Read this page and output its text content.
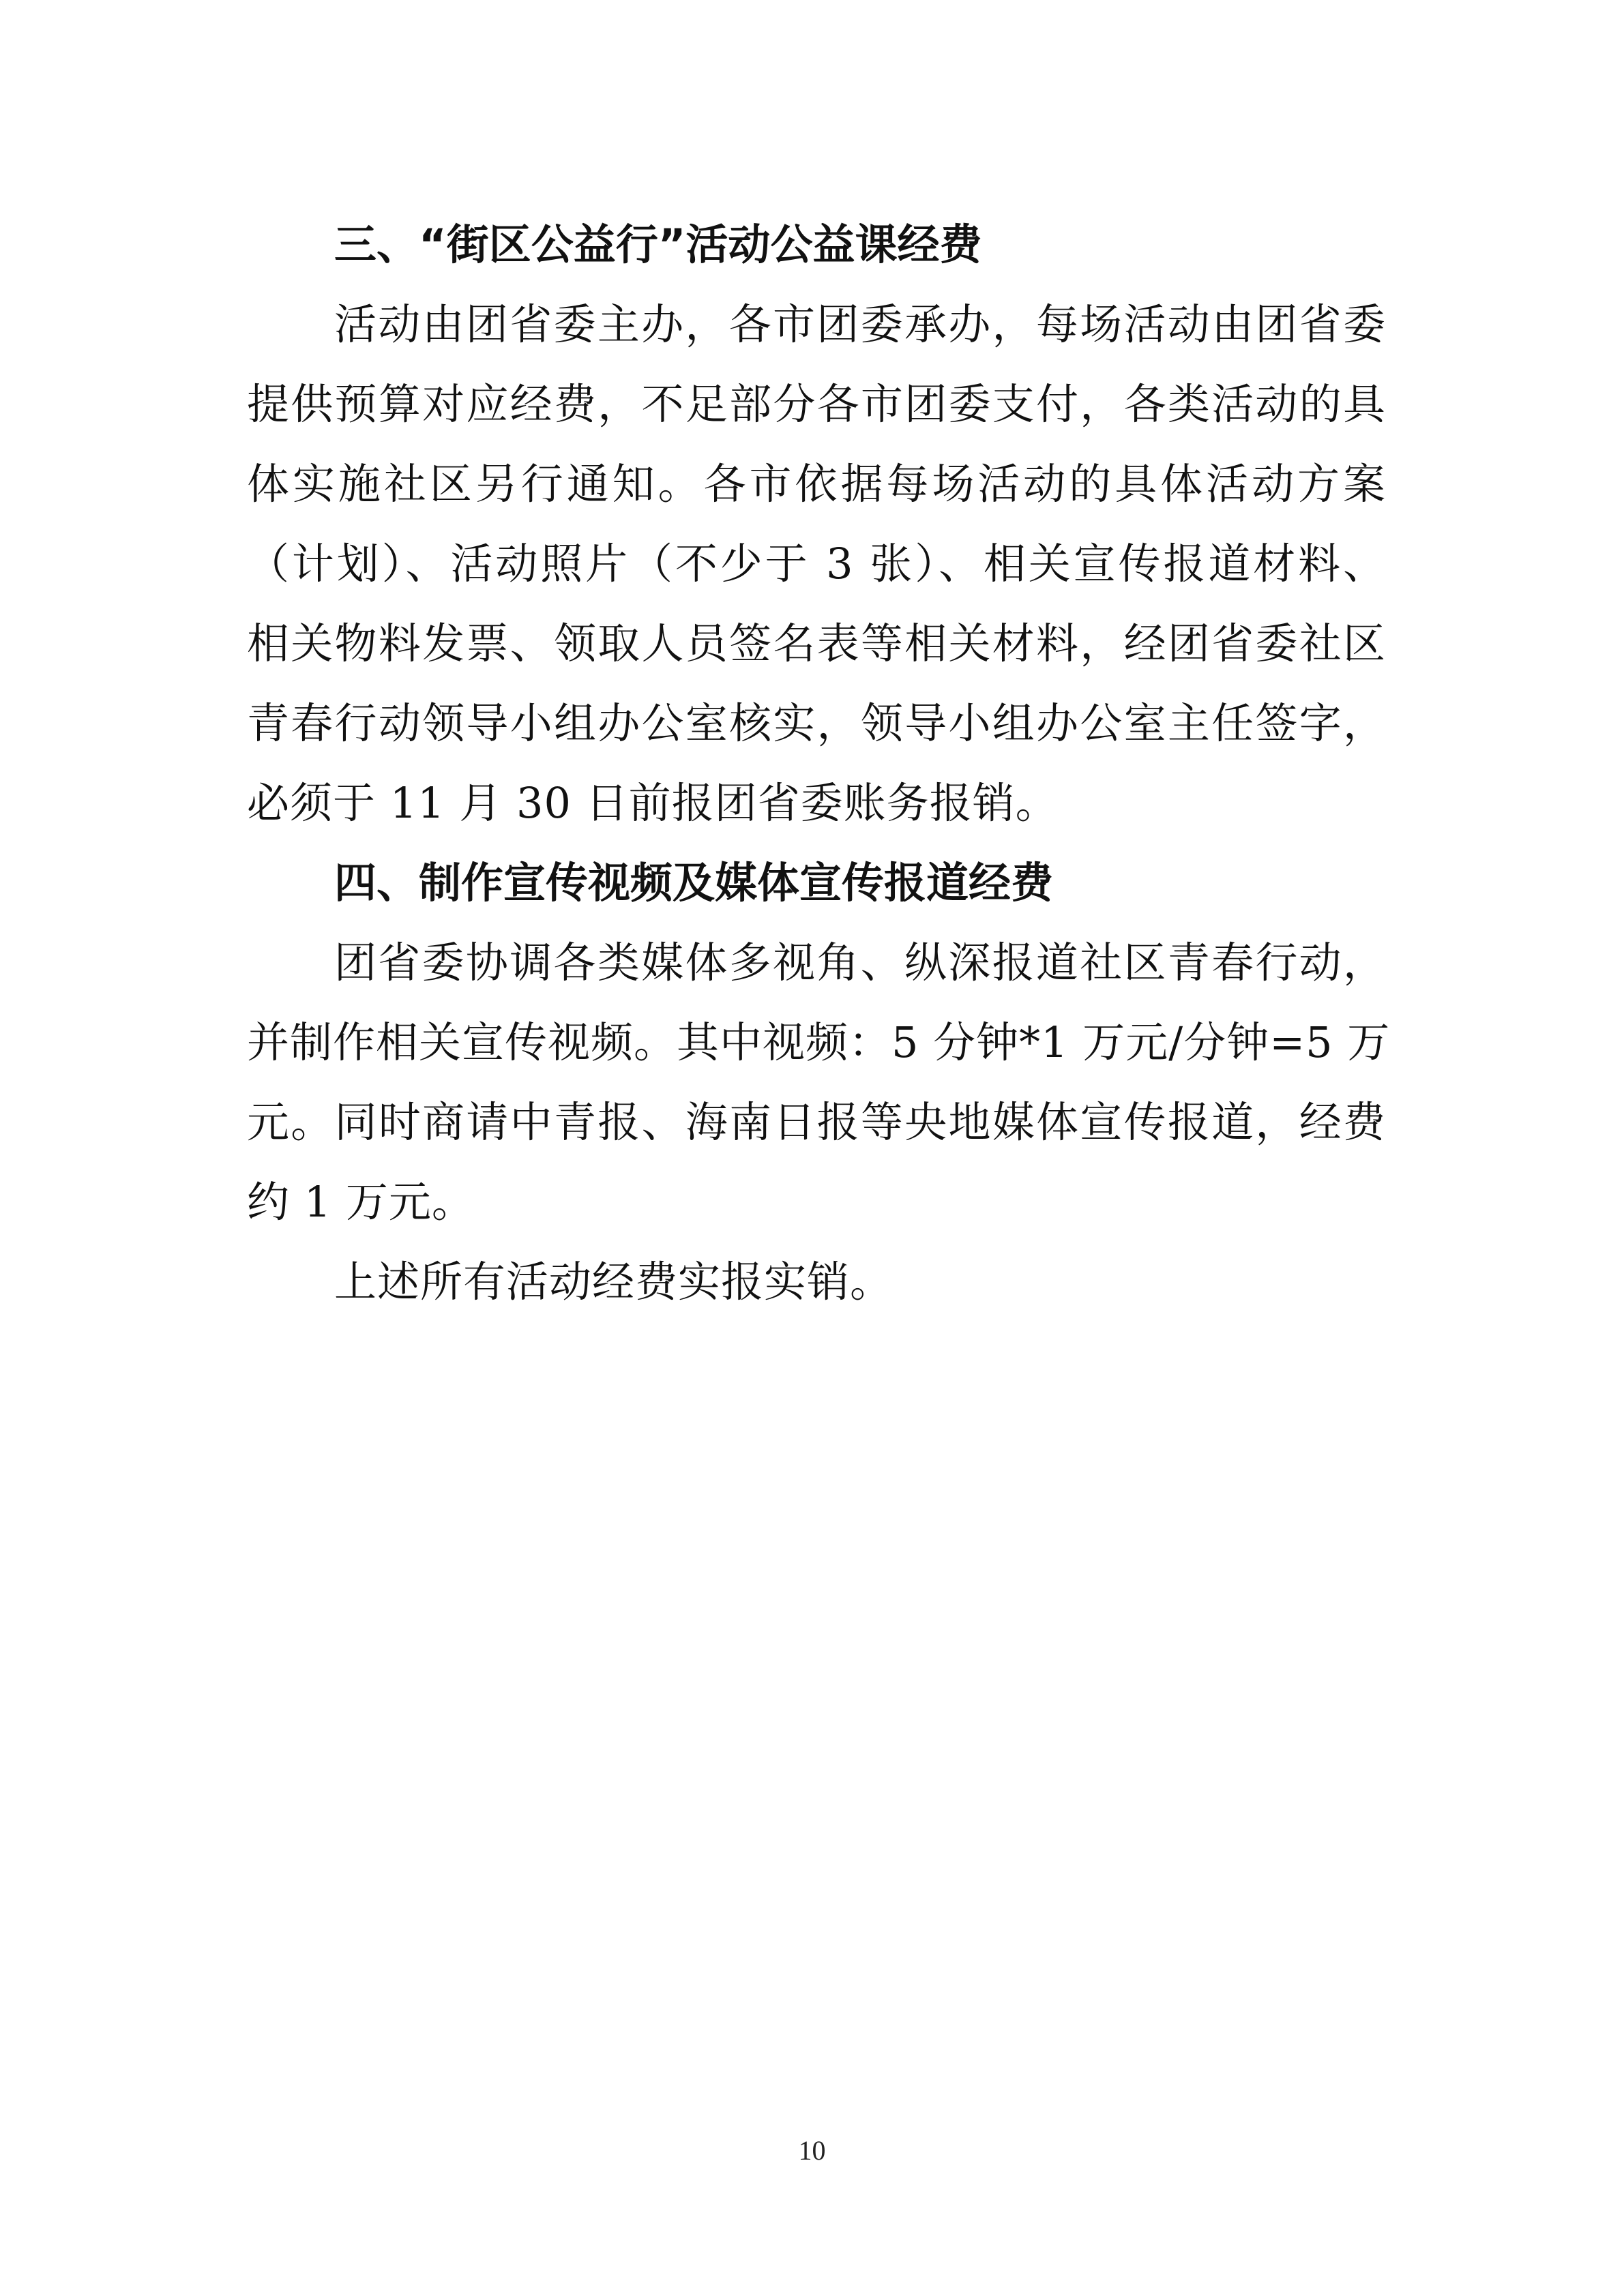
三、“街区公益行”活动公益课经费
活动由团省委主办，各市团委承办，每场活动由团省委
提供预算对应经费，不足部分各市团委支付，各类活动的具
体实施社区另行通知。各市依据每场活动的具体活动方案
（计划）、活动照片（不少于 3 张）、相关宣传报道材料、
相关物料发票、领取人员签名表等相关材料，经团省委社区
青春行动领导小组办公室核实，领导小组办公室主任签字，
必须于 11 月 30 日前报团省委账务报销。
四、制作宣传视频及媒体宣传报道经费
团省委协调各类媒体多视角、纵深报道社区青春行动，
并制作相关宣传视频。其中视频：5 分钟*1 万元/分钟=5 万
元。同时商请中青报、海南日报等央地媒体宣传报道，经费
约 1 万元。
上述所有活动经费实报实销。
10
